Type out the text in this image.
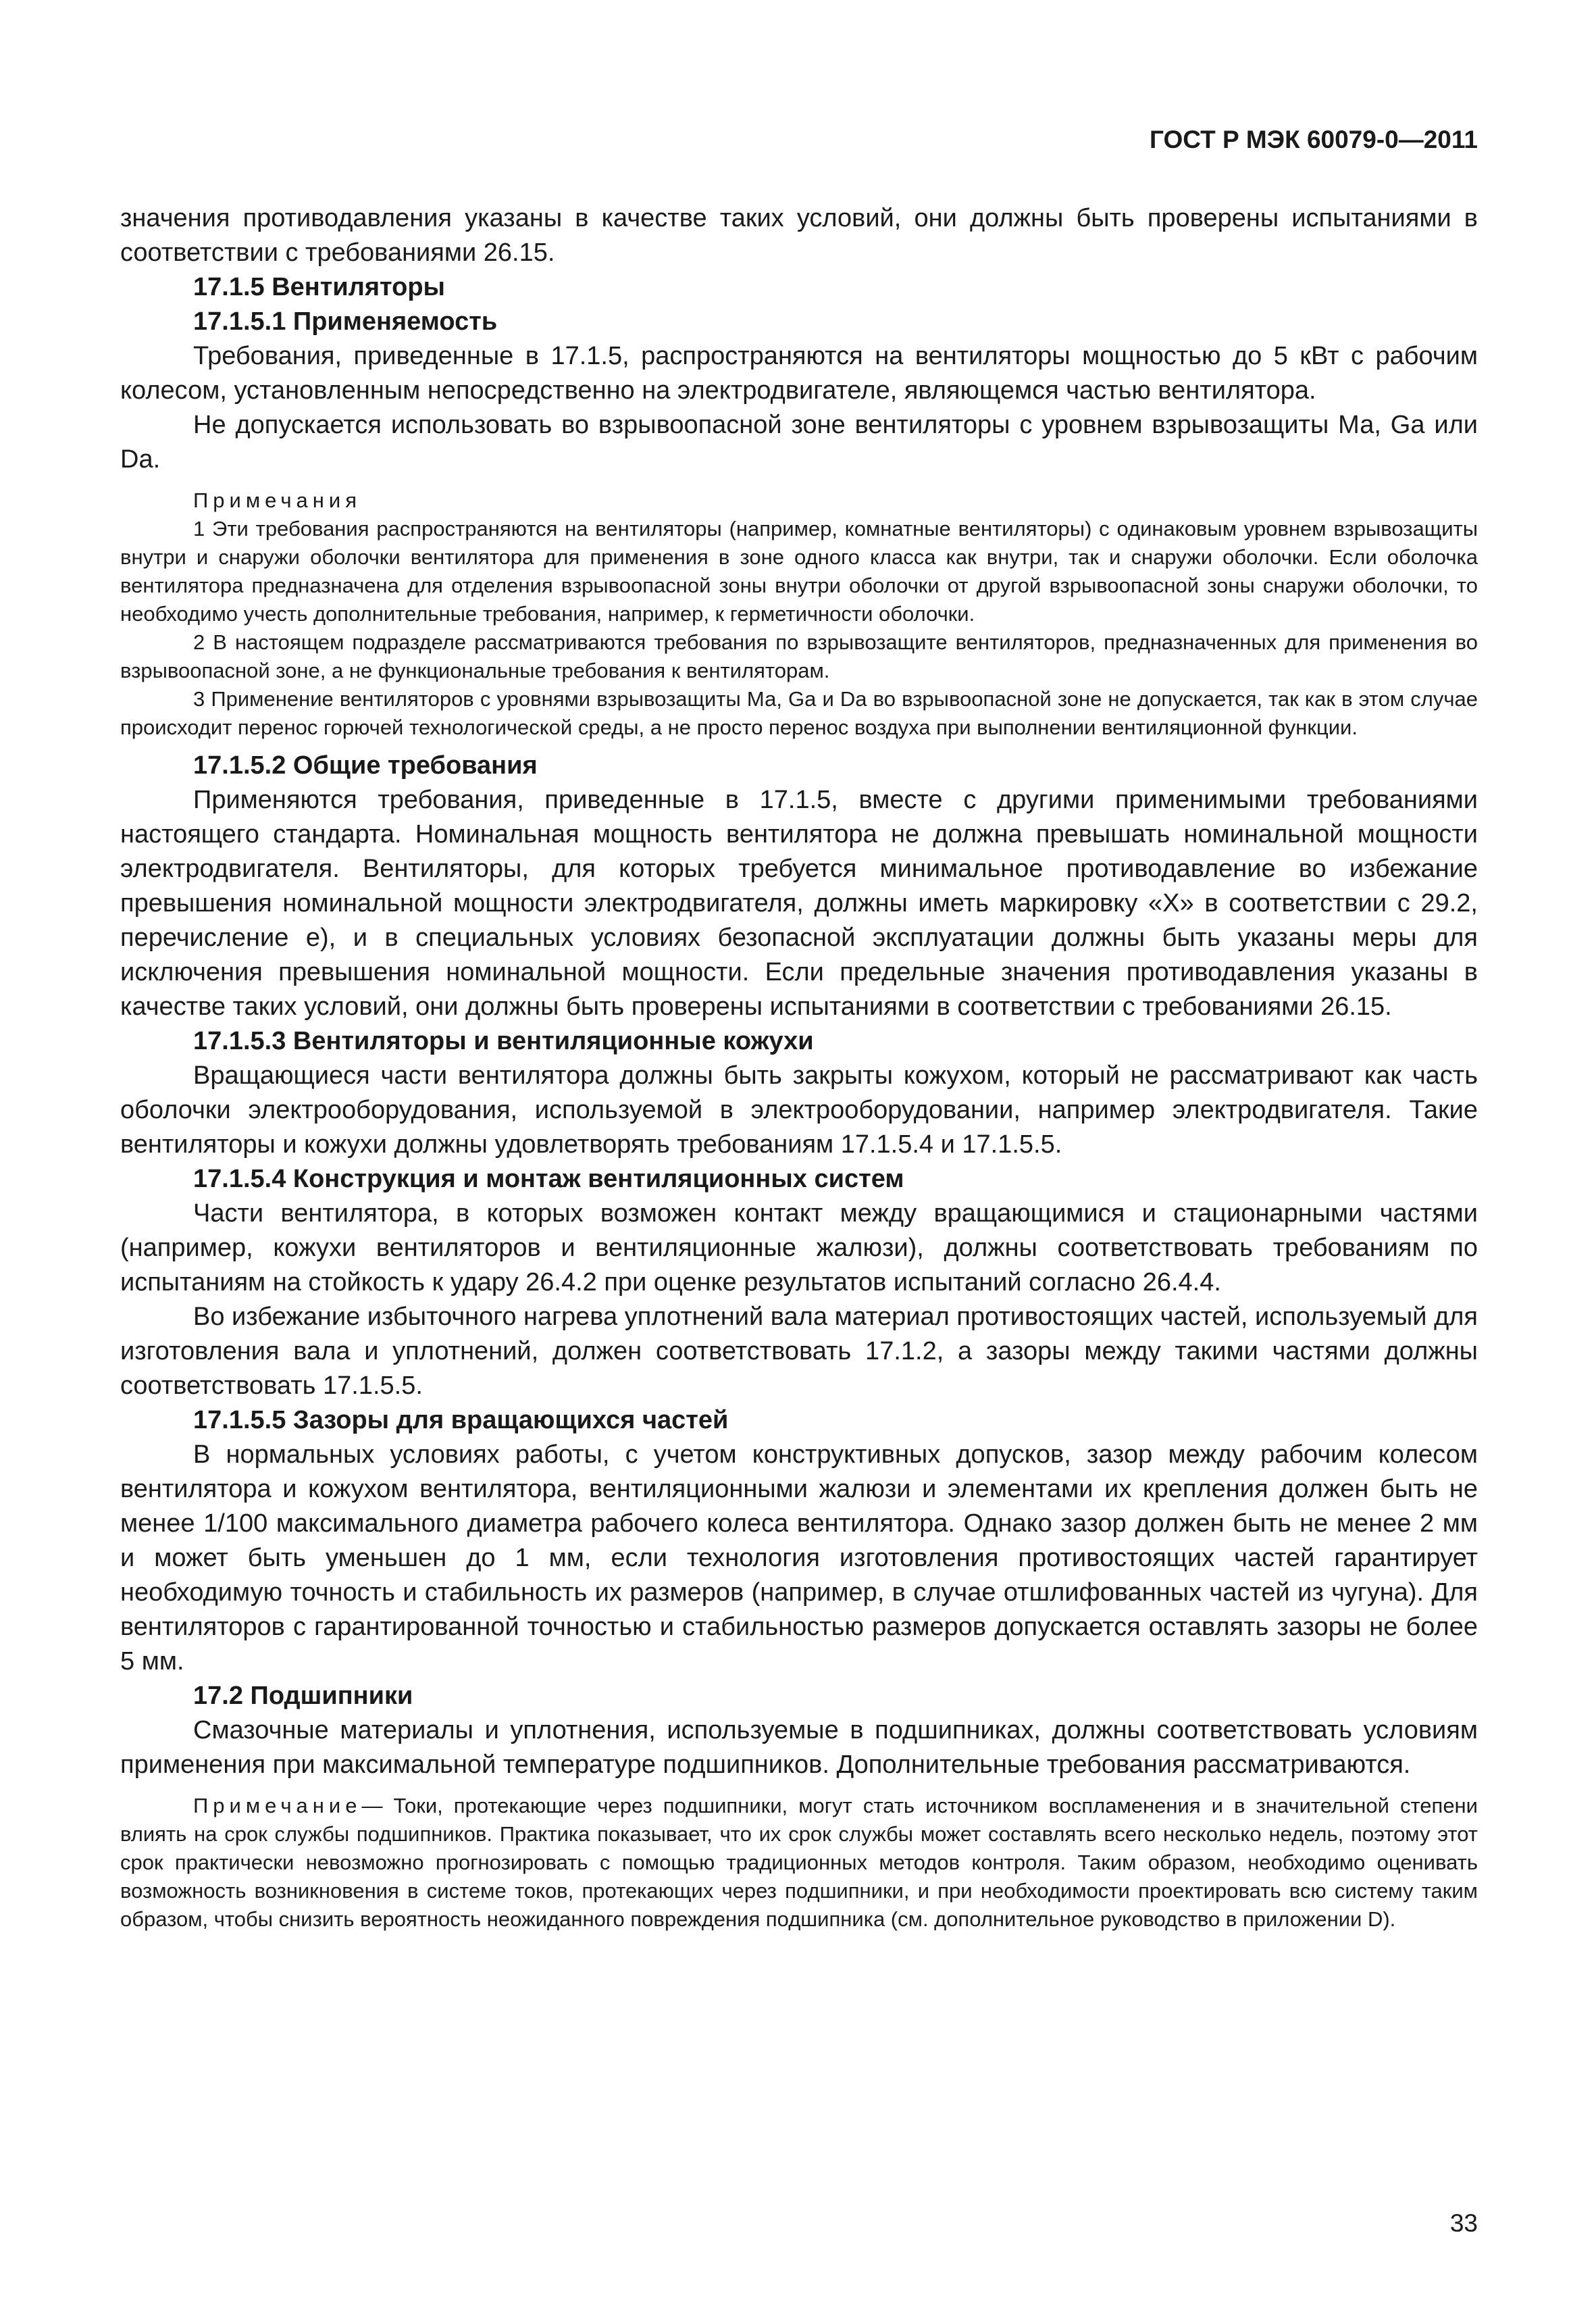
ГОСТ Р МЭК 60079-0—2011

значения противодавления указаны в качестве таких условий, они должны быть проверены испытаниями в соответствии с требованиями 26.15.

17.1.5 Вентиляторы

17.1.5.1 Применяемость

Требования, приведенные в 17.1.5, распространяются на вентиляторы мощностью до 5 кВт с рабочим колесом, установленным непосредственно на электродвигателе, являющемся частью вентилятора.

Не допускается использовать во взрывоопасной зоне вентиляторы с уровнем взрывозащиты Ма, Ga или Da.

Примечания

1 Эти требования распространяются на вентиляторы (например, комнатные вентиляторы) с одинаковым уровнем взрывозащиты внутри и снаружи оболочки вентилятора для применения в зоне одного класса как внутри, так и снаружи оболочки. Если оболочка вентилятора предназначена для отделения взрывоопасной зоны внутри оболочки от другой взрывоопасной зоны снаружи оболочки, то необходимо учесть дополнительные требования, например, к герметичности оболочки.

2 В настоящем подразделе рассматриваются требования по взрывозащите вентиляторов, предназначенных для применения во взрывоопасной зоне, а не функциональные требования к вентиляторам.

3 Применение вентиляторов с уровнями взрывозащиты Ма, Ga и Da во взрывоопасной зоне не допускается, так как в этом случае происходит перенос горючей технологической среды, а не просто перенос воздуха при выполнении вентиляционной функции.

17.1.5.2 Общие требования

Применяются требования, приведенные в 17.1.5, вместе с другими применимыми требованиями настоящего стандарта. Номинальная мощность вентилятора не должна превышать номинальной мощности электродвигателя. Вентиляторы, для которых требуется минимальное противодавление во избежание превышения номинальной мощности электродвигателя, должны иметь маркировку «Х» в соответствии с 29.2, перечисление е), и в специальных условиях безопасной эксплуатации должны быть указаны меры для исключения превышения номинальной мощности. Если предельные значения противодавления указаны в качестве таких условий, они должны быть проверены испытаниями в соответствии с требованиями 26.15.

17.1.5.3 Вентиляторы и вентиляционные кожухи

Вращающиеся части вентилятора должны быть закрыты кожухом, который не рассматривают как часть оболочки электрооборудования, используемой в электрооборудовании, например электродвигателя. Такие вентиляторы и кожухи должны удовлетворять требованиям 17.1.5.4 и 17.1.5.5.

17.1.5.4 Конструкция и монтаж вентиляционных систем

Части вентилятора, в которых возможен контакт между вращающимися и стационарными частями (например, кожухи вентиляторов и вентиляционные жалюзи), должны соответствовать требованиям по испытаниям на стойкость к удару 26.4.2 при оценке результатов испытаний согласно 26.4.4.

Во избежание избыточного нагрева уплотнений вала материал противостоящих частей, используемый для изготовления вала и уплотнений, должен соответствовать 17.1.2, а зазоры между такими частями должны соответствовать 17.1.5.5.

17.1.5.5 Зазоры для вращающихся частей

В нормальных условиях работы, с учетом конструктивных допусков, зазор между рабочим колесом вентилятора и кожухом вентилятора, вентиляционными жалюзи и элементами их крепления должен быть не менее 1/100 максимального диаметра рабочего колеса вентилятора. Однако зазор должен быть не менее 2 мм и может быть уменьшен до 1 мм, если технология изготовления противостоящих частей гарантирует необходимую точность и стабильность их размеров (например, в случае отшлифованных частей из чугуна). Для вентиляторов с гарантированной точностью и стабильностью размеров допускается оставлять зазоры не более 5 мм.

17.2 Подшипники

Смазочные материалы и уплотнения, используемые в подшипниках, должны соответствовать условиям применения при максимальной температуре подшипников. Дополнительные требования рассматриваются.

Примечание— Токи, протекающие через подшипники, могут стать источником воспламенения и в значительной степени влиять на срок службы подшипников. Практика показывает, что их срок службы может составлять всего несколько недель, поэтому этот срок практически невозможно прогнозировать с помощью традиционных методов контроля. Таким образом, необходимо оценивать возможность возникновения в системе токов, протекающих через подшипники, и при необходимости проектировать всю систему таким образом, чтобы снизить вероятность неожиданного повреждения подшипника (см. дополнительное руководство в приложении D).

33
